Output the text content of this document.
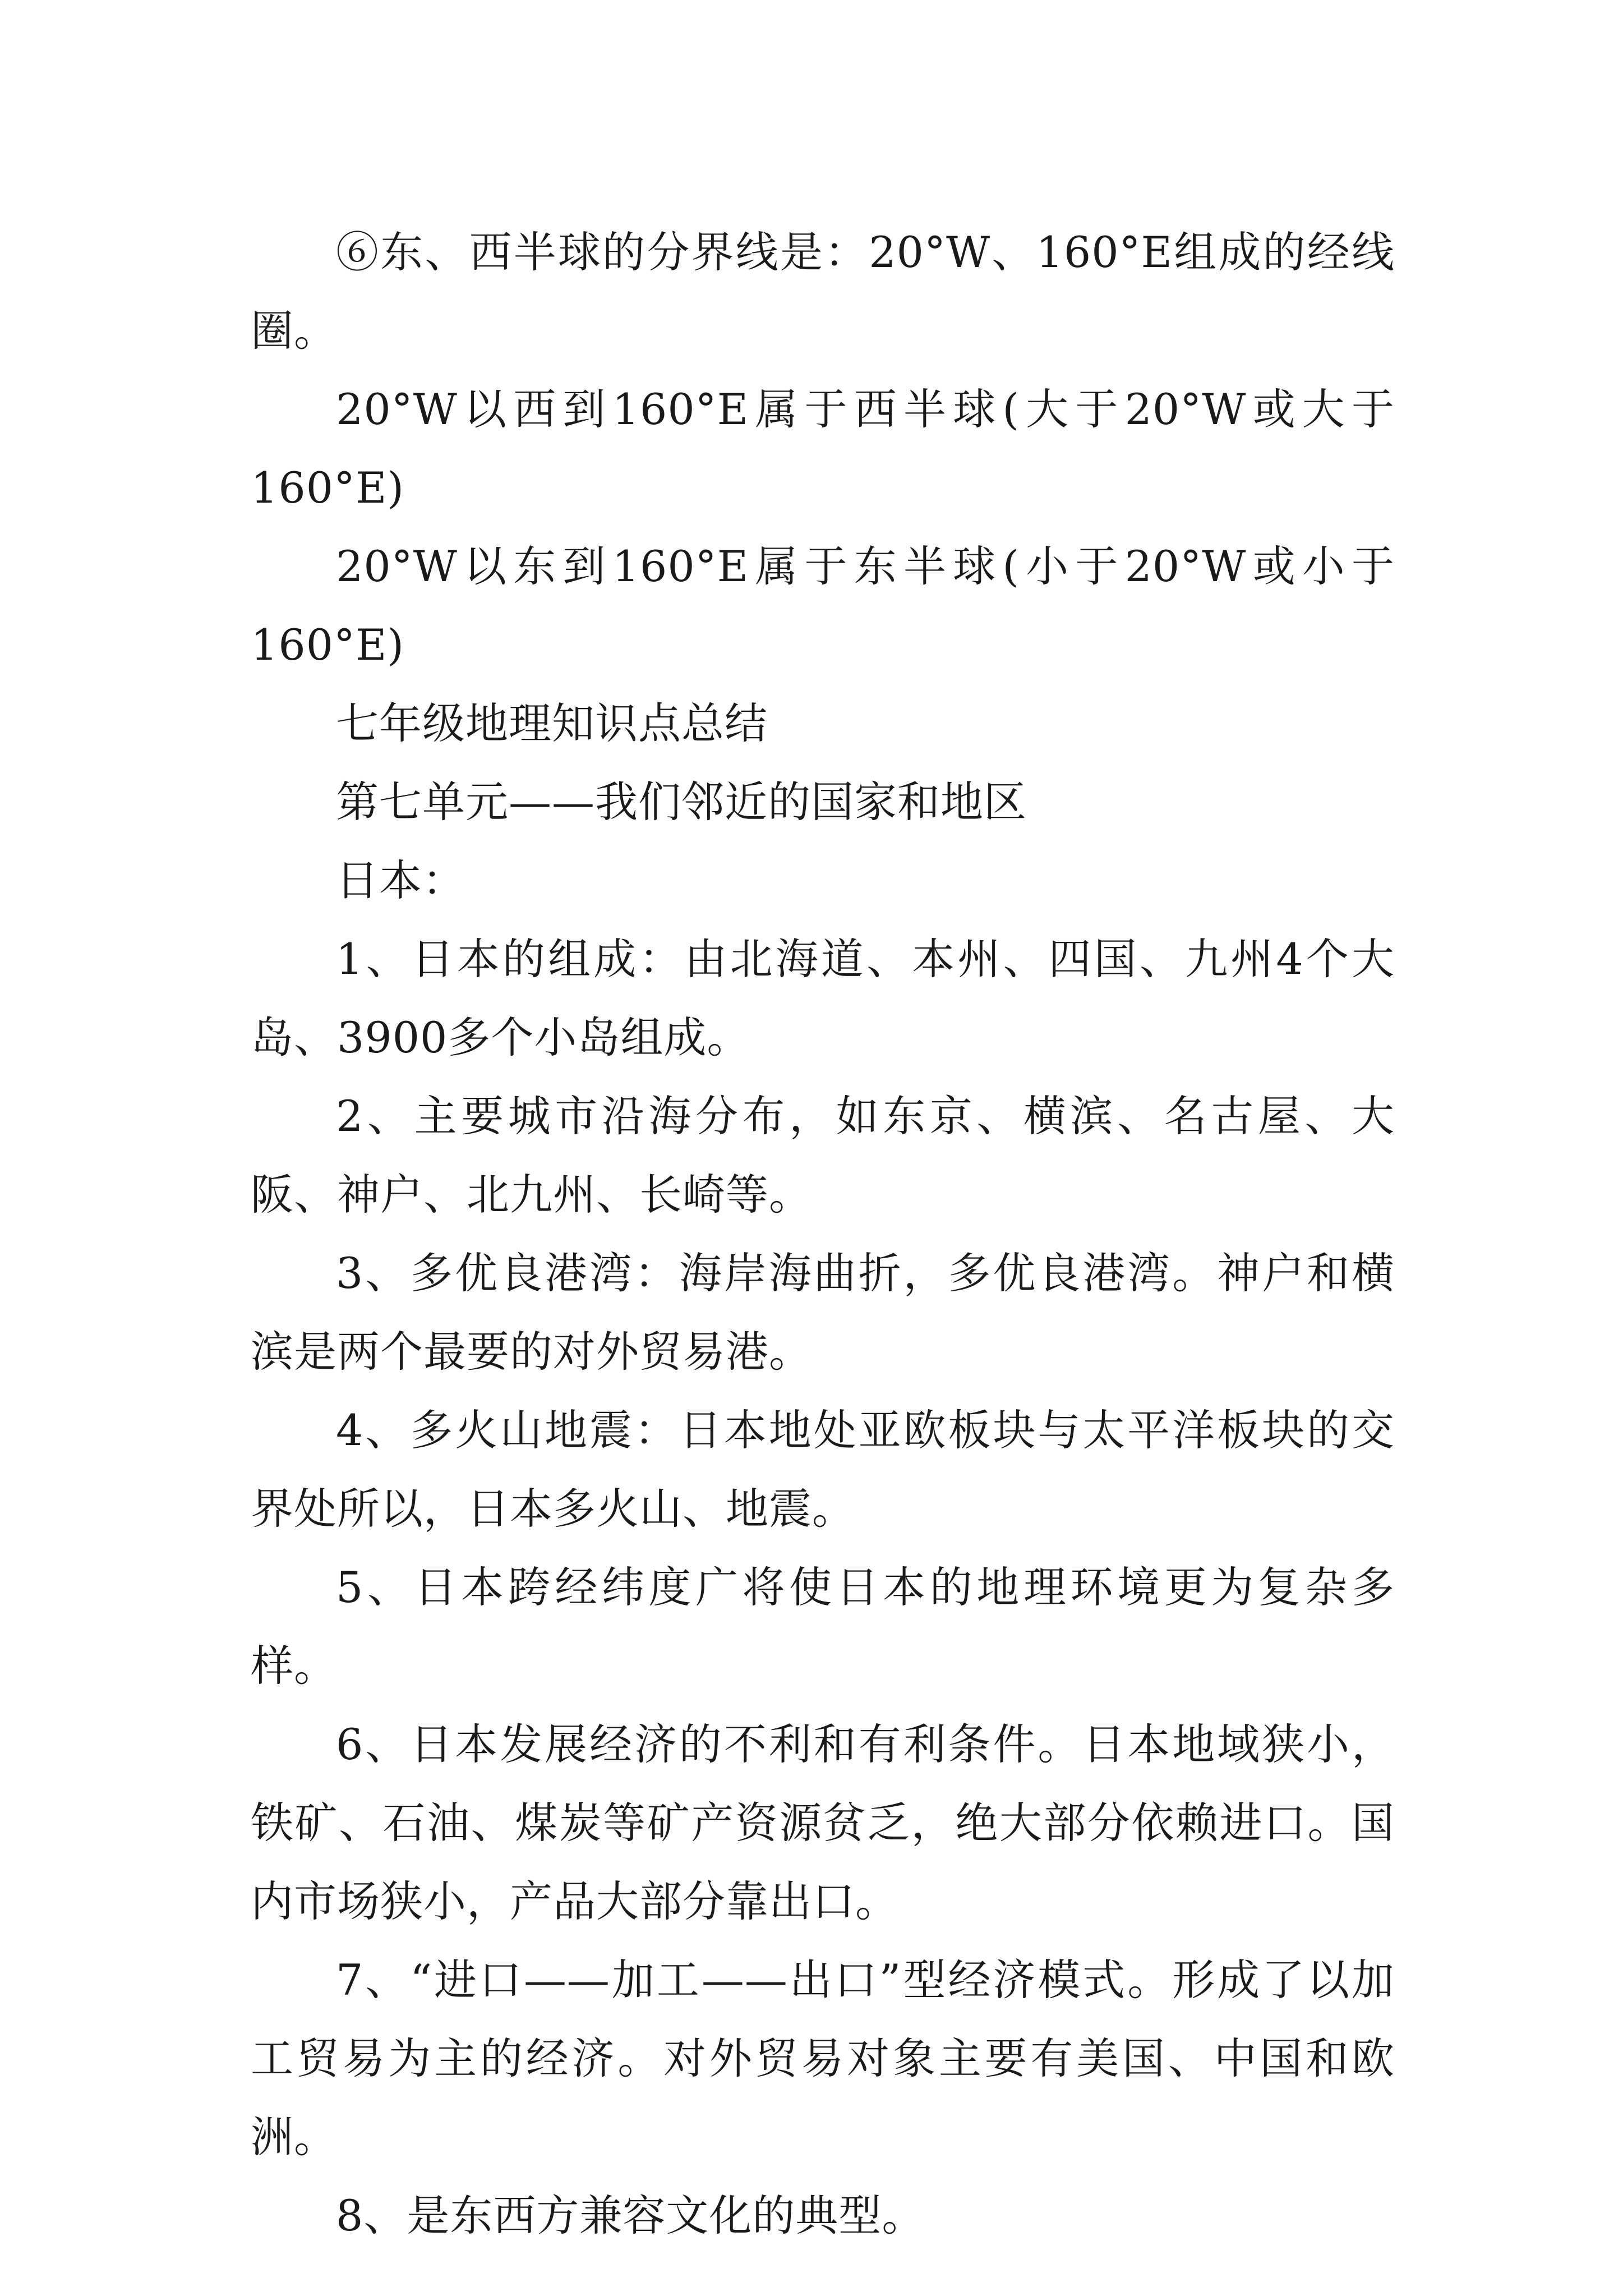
⑥东、西半球的分界线是：20°W、160°E组成的经线圈。

20°W以西到160°E属于西半球(大于20°W或大于160°E)

20°W以东到160°E属于东半球(小于20°W或小于160°E)

七年级地理知识点总结

第七单元——我们邻近的国家和地区

日本：

1、日本的组成：由北海道、本州、四国、九州4个大岛、3900多个小岛组成。

2、主要城市沿海分布，如东京、横滨、名古屋、大阪、神户、北九州、长崎等。

3、多优良港湾：海岸海曲折，多优良港湾。神户和横滨是两个最要的对外贸易港。

4、多火山地震：日本地处亚欧板块与太平洋板块的交界处所以，日本多火山、地震。

5、日本跨经纬度广将使日本的地理环境更为复杂多样。

6、日本发展经济的不利和有利条件。日本地域狭小，铁矿、石油、煤炭等矿产资源贫乏，绝大部分依赖进口。国内市场狭小，产品大部分靠出口。

7、“进口——加工——出口”型经济模式。形成了以加工贸易为主的经济。对外贸易对象主要有美国、中国和欧洲。

8、是东西方兼容文化的典型。
